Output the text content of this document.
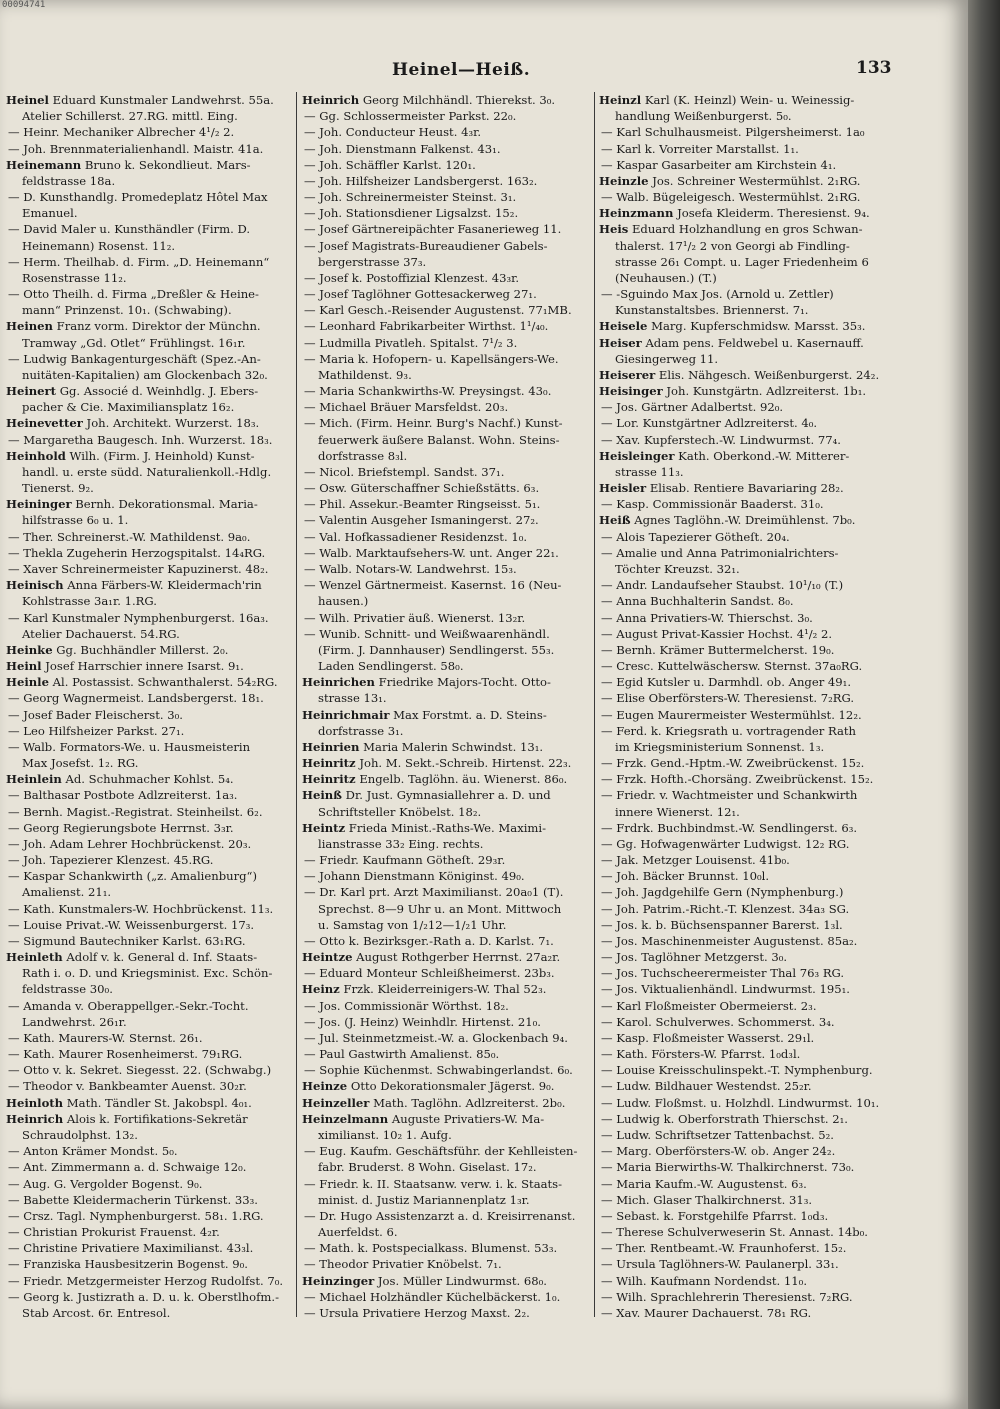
00094741
Heinel—Heiß.	133
Heinel Eduard Kunstmaler Landwehrst. 55a.
Atelier Schillerst. 27.RG. mittl. Eing.
— Heinr. Mechaniker Albrecher 4¹/₂ 2.
— Joh. Brennmaterialienhandl. Maistr. 41a.
Heinemann Bruno k. Sekondlieut. Mars-
feldstrasse 18a.
— D. Kunsthandlg. Promedeplatz Hôtel Max
Emanuel.
— David Maler u. Kunsthändler (Firm. D.
Heinemann) Rosenst. 11₂.
— Herm. Theilhab. d. Firm. „D. Heinemann“
Rosenstrasse 11₂.
— Otto Theilh. d. Firma „Dreßler & Heine-
mann“ Prinzenst. 10₁. (Schwabing).
Heinen Franz vorm. Direktor der Münchn.
Tramway „Gd. Otlet“ Frühlingst. 16₁r.
— Ludwig Bankagenturgeschäft (Spez.-An-
nuitäten-Kapitalien) am Glockenbach 32₀.
Heinert Gg. Associé d. Weinhdlg. J. Ebers-
pacher & Cie. Maximiliansplatz 16₂.
Heinevetter Joh. Architekt. Wurzerst. 18₃.
— Margaretha Baugesch. Inh. Wurzerst. 18₃.
Heinhold Wilh. (Firm. J. Heinhold) Kunst-
handl. u. erste südd. Naturalienkoll.-Hdlg.
Tienerst. 9₂.
Heininger Bernh. Dekorationsmal. Maria-
hilfstrasse 6₀ u. 1.
— Ther. Schreinerst.-W. Mathildenst. 9a₀.
— Thekla Zugeherin Herzogspitalst. 14₄RG.
— Xaver Schreinermeister Kapuzinerst. 48₂.
Heinisch Anna Färbers-W. Kleidermach'rin
Kohlstrasse 3a₁r. 1.RG.
— Karl Kunstmaler Nymphenburgerst. 16a₃.
Atelier Dachauerst. 54.RG.
Heinke Gg. Buchhändler Millerst. 2₀.
Heinl Josef Harrschier innere Isarst. 9₁.
Heinle Al. Postassist. Schwanthalerst. 54₂RG.
— Georg Wagnermeist. Landsbergerst. 18₁.
— Josef Bader Fleischerst. 3₀.
— Leo Hilfsheizer Parkst. 27₁.
— Walb. Formators-We. u. Hausmeisterin
Max Josefst. 1₂. RG.
Heinlein Ad. Schuhmacher Kohlst. 5₄.
— Balthasar Postbote Adlzreiterst. 1a₃.
— Bernh. Magist.-Registrat. Steinheilst. 6₂.
— Georg Regierungsbote Herrnst. 3₃r.
— Joh. Adam Lehrer Hochbrückenst. 20₃.
— Joh. Tapezierer Klenzest. 45.RG.
— Kaspar Schankwirth („z. Amalienburg“)
Amalienst. 21₁.
— Kath. Kunstmalers-W. Hochbrückenst. 11₃.
— Louise Privat.-W. Weissenburgerst. 17₃.
— Sigmund Bautechniker Karlst. 63₁RG.
Heinleth Adolf v. k. General d. Inf. Staats-
Rath i. o. D. und Kriegsminist. Exc. Schön-
feldstrasse 30₀.
— Amanda v. Oberappellger.-Sekr.-Tocht.
Landwehrst. 26₁r.
— Kath. Maurers-W. Sternst. 26₁.
— Kath. Maurer Rosenheimerst. 79₁RG.
— Otto v. k. Sekret. Siegesst. 22. (Schwabg.)
— Theodor v. Bankbeamter Auenst. 30₂r.
Heinloth Math. Tändler St. Jakobspl. 4₀₁.
Heinrich Alois k. Fortifikations-Sekretär
Schraudolphst. 13₂.
— Anton Krämer Mondst. 5₀.
— Ant. Zimmermann a. d. Schwaige 12₀.
— Aug. G. Vergolder Bogenst. 9₀.
— Babette Kleidermacherin Türkenst. 33₃.
— Crsz. Tagl. Nymphenburgerst. 58₁. 1.RG.
— Christian Prokurist Frauenst. 4₂r.
— Christine Privatiere Maximilianst. 43₃l.
— Franziska Hausbesitzerin Bogenst. 9₀.
— Friedr. Metzgermeister Herzog Rudolfst. 7₀.
— Georg k. Justizrath a. D. u. k. Oberstlhofm.-
Stab Arcost. 6r. Entresol.
Heinrich Georg Milchhändl. Thierekst. 3₀.
— Gg. Schlossermeister Parkst. 22₀.
— Joh. Conducteur Heust. 4₃r.
— Joh. Dienstmann Falkenst. 43₁.
— Joh. Schäffler Karlst. 120₁.
— Joh. Hilfsheizer Landsbergerst. 163₂.
— Joh. Schreinermeister Steinst. 3₁.
— Joh. Stationsdiener Ligsalzst. 15₂.
— Josef Gärtnereipächter Fasanerieweg 11.
— Josef Magistrats-Bureaudiener Gabels-
bergerstrasse 37₃.
— Josef k. Postoffizial Klenzest. 43₃r.
— Josef Taglöhner Gottesackerweg 27₁.
— Karl Gesch.-Reisender Augustenst. 77₁MB.
— Leonhard Fabrikarbeiter Wirthst. 1¹/₄₀.
— Ludmilla Pivatleh. Spitalst. 7¹/₂ 3.
— Maria k. Hofopern- u. Kapellsängers-We.
Mathildenst. 9₃.
— Maria Schankwirths-W. Preysingst. 43₀.
— Michael Bräuer Marsfeldst. 20₃.
— Mich. (Firm. Heinr. Burg's Nachf.) Kunst-
feuerwerk äußere Balanst. Wohn. Steins-
dorfstrasse 8₃l.
— Nicol. Briefstempl. Sandst. 37₁.
— Osw. Güterschaffner Schießstätts. 6₃.
— Phil. Assekur.-Beamter Ringseisst. 5₁.
— Valentin Ausgeher Ismaningerst. 27₂.
— Val. Hofkassadiener Residenzst. 1₀.
— Walb. Marktaufsehers-W. unt. Anger 22₁.
— Walb. Notars-W. Landwehrst. 15₃.
— Wenzel Gärtnermeist. Kasernst. 16 (Neu-
hausen.)
— Wilh. Privatier äuß. Wienerst. 13₂r.
— Wunib. Schnitt- und Weißwaarenhändl.
(Firm. J. Dannhauser) Sendlingerst. 55₃.
Laden Sendlingerst. 58₀.
Heinrichen Friedrike Majors-Tocht. Otto-
strasse 13₁.
Heinrichmair Max Forstmt. a. D. Steins-
dorfstrasse 3₁.
Heinrien Maria Malerin Schwindst. 13₁.
Heinritz Joh. M. Sekt.-Schreib. Hirtenst. 22₃.
Heinritz Engelb. Taglöhn. äu. Wienerst. 86₀.
Heinß Dr. Just. Gymnasiallehrer a. D. und
Schriftsteller Knöbelst. 18₂.
Heintz Frieda Minist.-Raths-We. Maximi-
lianstrasse 33₂ Eing. rechts.
— Friedr. Kaufmann Götheſt. 29₃r.
— Johann Dienstmann Königinst. 49₀.
— Dr. Karl prt. Arzt Maximilianst. 20a₀1 (T).
Sprechst. 8—9 Uhr u. an Mont. Mittwoch
u. Samstag von 1/₂12—1/₂1 Uhr.
— Otto k. Bezirksger.-Rath a. D. Karlst. 7₁.
Heintze August Rothgerber Herrnst. 27a₂r.
— Eduard Monteur Schleißheimerst. 23b₃.
Heinz Frzk. Kleiderreinigers-W. Thal 52₃.
— Jos. Commissionär Wörthst. 18₂.
— Jos. (J. Heinz) Weinhdlr. Hirtenst. 21₀.
— Jul. Steinmetzmeist.-W. a. Glockenbach 9₄.
— Paul Gastwirth Amalienst. 85₀.
— Sophie Küchenmst. Schwabingerlandst. 6₀.
Heinze Otto Dekorationsmaler Jägerst. 9₀.
Heinzeller Math. Taglöhn. Adlzreiterst. 2b₀.
Heinzelmann Auguste Privatiers-W. Ma-
ximilianst. 10₂ 1. Aufg.
— Eug. Kaufm. Geschäftsführ. der Kehlleisten-
fabr. Bruderst. 8 Wohn. Giselast. 17₂.
— Friedr. k. II. Staatsanw. verw. i. k. Staats-
minist. d. Justiz Mariannenplatz 1₃r.
— Dr. Hugo Assistenzarzt a. d. Kreisirrenanst.
Auerfeldst. 6.
— Math. k. Postspecialkass. Blumenst. 53₃.
— Theodor Privatier Knöbelst. 7₁.
Heinzinger Jos. Müller Lindwurmst. 68₀.
— Michael Holzhändler Küchelbäckerst. 1₀.
— Ursula Privatiere Herzog Maxst. 2₂.
Heinzl Karl (K. Heinzl) Wein- u. Weinessig-
handlung Weißenburgerst. 5₀.
— Karl Schulhausmeist. Pilgersheimerst. 1a₀
— Karl k. Vorreiter Marstallst. 1₁.
— Kaspar Gasarbeiter am Kirchstein 4₁.
Heinzle Jos. Schreiner Westermühlst. 2₁RG.
— Walb. Bügeleigesch. Westermühlst. 2₁RG.
Heinzmann Josefa Kleiderm. Theresienst. 9₄.
Heis Eduard Holzhandlung en gros Schwan-
thalerst. 17¹/₂ 2 von Georgi ab Findling-
strasse 26₁ Compt. u. Lager Friedenheim 6
(Neuhausen.) (T.)
— -Sguindo Max Jos. (Arnold u. Zettler)
Kunstanstaltsbes. Briennerst. 7₁.
Heisele Marg. Kupferschmidsw. Marsst. 35₃.
Heiser Adam pens. Feldwebel u. Kasernauff.
Giesingerweg 11.
Heiserer Elis. Nähgesch. Weißenburgerst. 24₂.
Heisinger Joh. Kunstgärtn. Adlzreiterst. 1b₁.
— Jos. Gärtner Adalbertst. 92₀.
— Lor. Kunstgärtner Adlzreiterst. 4₀.
— Xav. Kupferstech.-W. Lindwurmst. 77₄.
Heisleinger Kath. Oberkond.-W. Mitterer-
strasse 11₃.
Heisler Elisab. Rentiere Bavariaring 28₂.
— Kasp. Commissionär Baaderst. 31₀.
Heiß Agnes Taglöhn.-W. Dreimühlenst. 7b₀.
— Alois Tapezierer Götheſt. 20₄.
— Amalie und Anna Patrimonialrichters-
Töchter Kreuzst. 32₁.
— Andr. Landaufseher Staubst. 10¹/₁₀ (T.)
— Anna Buchhalterin Sandst. 8₀.
— Anna Privatiers-W. Thierschst. 3₀.
— August Privat-Kassier Hochst. 4¹/₂ 2.
— Bernh. Krämer Buttermelcherst. 19₀.
— Cresc. Kuttelwäschersw. Sternst. 37a₀RG.
— Egid Kutsler u. Darmhdl. ob. Anger 49₁.
— Elise Oberförsters-W. Theresienst. 7₂RG.
— Eugen Maurermeister Westermühlst. 12₂.
— Ferd. k. Kriegsrath u. vortragender Rath
im Kriegsministerium Sonnenst. 1₃.
— Frzk. Gend.-Hptm.-W. Zweibrückenst. 15₂.
— Frzk. Hofth.-Chorsäng. Zweibrückenst. 15₂.
— Friedr. v. Wachtmeister und Schankwirth
innere Wienerst. 12₁.
— Frdrk. Buchbindmst.-W. Sendlingerst. 6₃.
— Gg. Hofwagenwärter Ludwigst. 12₂ RG.
— Jak. Metzger Louisenst. 41b₀.
— Joh. Bäcker Brunnst. 10₀l.
— Joh. Jagdgehilfe Gern (Nymphenburg.)
— Joh. Patrim.-Richt.-T. Klenzest. 34a₃ SG.
— Jos. k. b. Büchsenspanner Barerst. 1₃l.
— Jos. Maschinenmeister Augustenst. 85a₂.
— Jos. Taglöhner Metzgerst. 3₀.
— Jos. Tuchscheerermeister Thal 76₃ RG.
— Jos. Viktualienhändl. Lindwurmst. 195₁.
— Karl Floßmeister Obermeierst. 2₃.
— Karol. Schulverwes. Schommerst. 3₄.
— Kasp. Floßmeister Wasserst. 29₁l.
— Kath. Försters-W. Pfarrst. 1₀d₃l.
— Louise Kreisschulinspekt.-T. Nymphenburg.
— Ludw. Bildhauer Westendst. 25₂r.
— Ludw. Floßmst. u. Holzhdl. Lindwurmst. 10₁.
— Ludwig k. Oberforstrath Thierschst. 2₁.
— Ludw. Schriftsetzer Tattenbachst. 5₂.
— Marg. Oberförsters-W. ob. Anger 24₂.
— Maria Bierwirths-W. Thalkirchnerst. 73₀.
— Maria Kaufm.-W. Augustenst. 6₃.
— Mich. Glaser Thalkirchnerst. 31₃.
— Sebast. k. Forstgehilfe Pfarrst. 1₀d₃.
— Therese Schulverweserin St. Annast. 14b₀.
— Ther. Rentbeamt.-W. Fraunhoferst. 15₂.
— Ursula Taglöhners-W. Paulanerpl. 33₁.
— Wilh. Kaufmann Nordendst. 11₀.
— Wilh. Sprachlehrerin Theresienst. 7₂RG.
— Xav. Maurer Dachauerst. 78₁ RG.
